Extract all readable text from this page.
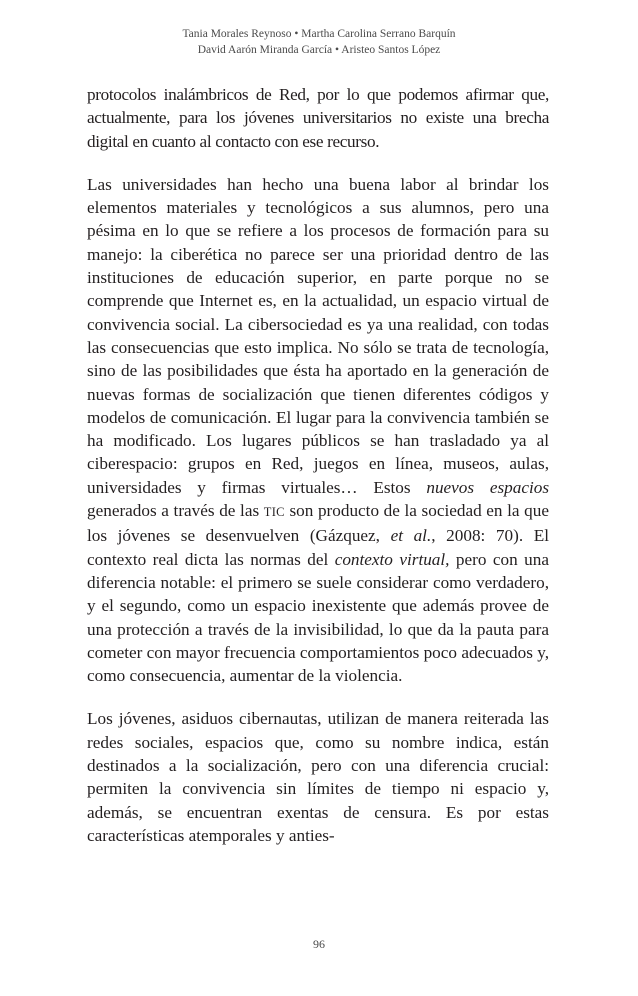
Tania Morales Reynoso • Martha Carolina Serrano Barquín
David Aarón Miranda García • Aristeo Santos López

protocolos inalámbricos de Red, por lo que podemos afirmar que, actualmente, para los jóvenes universitarios no existe una brecha digital en cuanto al contacto con ese recurso.

Las universidades han hecho una buena labor al brindar los elementos materiales y tecnológicos a sus alumnos, pero una pésima en lo que se refiere a los procesos de formación para su manejo: la ciberética no parece ser una prioridad dentro de las instituciones de educación superior, en parte porque no se comprende que Internet es, en la actualidad, un espacio virtual de convivencia social. La cibersociedad es ya una realidad, con todas las consecuencias que esto implica. No sólo se trata de tecnología, sino de las posibilidades que ésta ha aportado en la generación de nuevas formas de socialización que tienen diferentes códigos y modelos de comunicación. El lugar para la convivencia también se ha modificado. Los lugares públicos se han trasladado ya al ciberespacio: grupos en Red, juegos en línea, museos, aulas, universidades y firmas virtuales… Estos nuevos espacios generados a través de las TIC son producto de la sociedad en la que los jóvenes se desenvuelven (Gázquez, et al., 2008: 70). El contexto real dicta las normas del contexto virtual, pero con una diferencia notable: el primero se suele considerar como verdadero, y el segundo, como un espacio inexistente que además provee de una protección a través de la invisibilidad, lo que da la pauta para cometer con mayor frecuencia comportamientos poco adecuados y, como consecuencia, aumentar de la violencia.

Los jóvenes, asiduos cibernautas, utilizan de manera reiterada las redes sociales, espacios que, como su nombre indica, están destinados a la socialización, pero con una diferencia crucial: permiten la convivencia sin límites de tiempo ni espacio y, además, se encuentran exentas de censura. Es por estas características atemporales y anties-

96
